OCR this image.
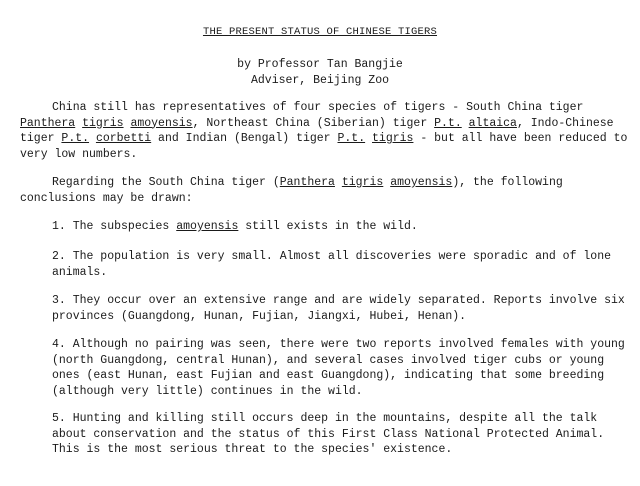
THE PRESENT STATUS OF CHINESE TIGERS
by Professor Tan Bangjie
Adviser, Beijing Zoo
China still has representatives of four species of tigers - South China tiger Panthera tigris amoyensis, Northeast China (Siberian) tiger P.t. altaica, Indo-Chinese tiger P.t. corbetti and Indian (Bengal) tiger P.t. tigris - but all have been reduced to very low numbers.
Regarding the South China tiger (Panthera tigris amoyensis), the following conclusions may be drawn:
1. The subspecies amoyensis still exists in the wild.
2. The population is very small. Almost all discoveries were sporadic and of lone animals.
3. They occur over an extensive range and are widely separated. Reports involve six provinces (Guangdong, Hunan, Fujian, Jiangxi, Hubei, Henan).
4. Although no pairing was seen, there were two reports involved females with young (north Guangdong, central Hunan), and several cases involved tiger cubs or young ones (east Hunan, east Fujian and east Guangdong), indicating that some breeding (although very little) continues in the wild.
5. Hunting and killing still occurs deep in the mountains, despite all the talk about conservation and the status of this First Class National Protected Animal. This is the most serious threat to the species' existence.
